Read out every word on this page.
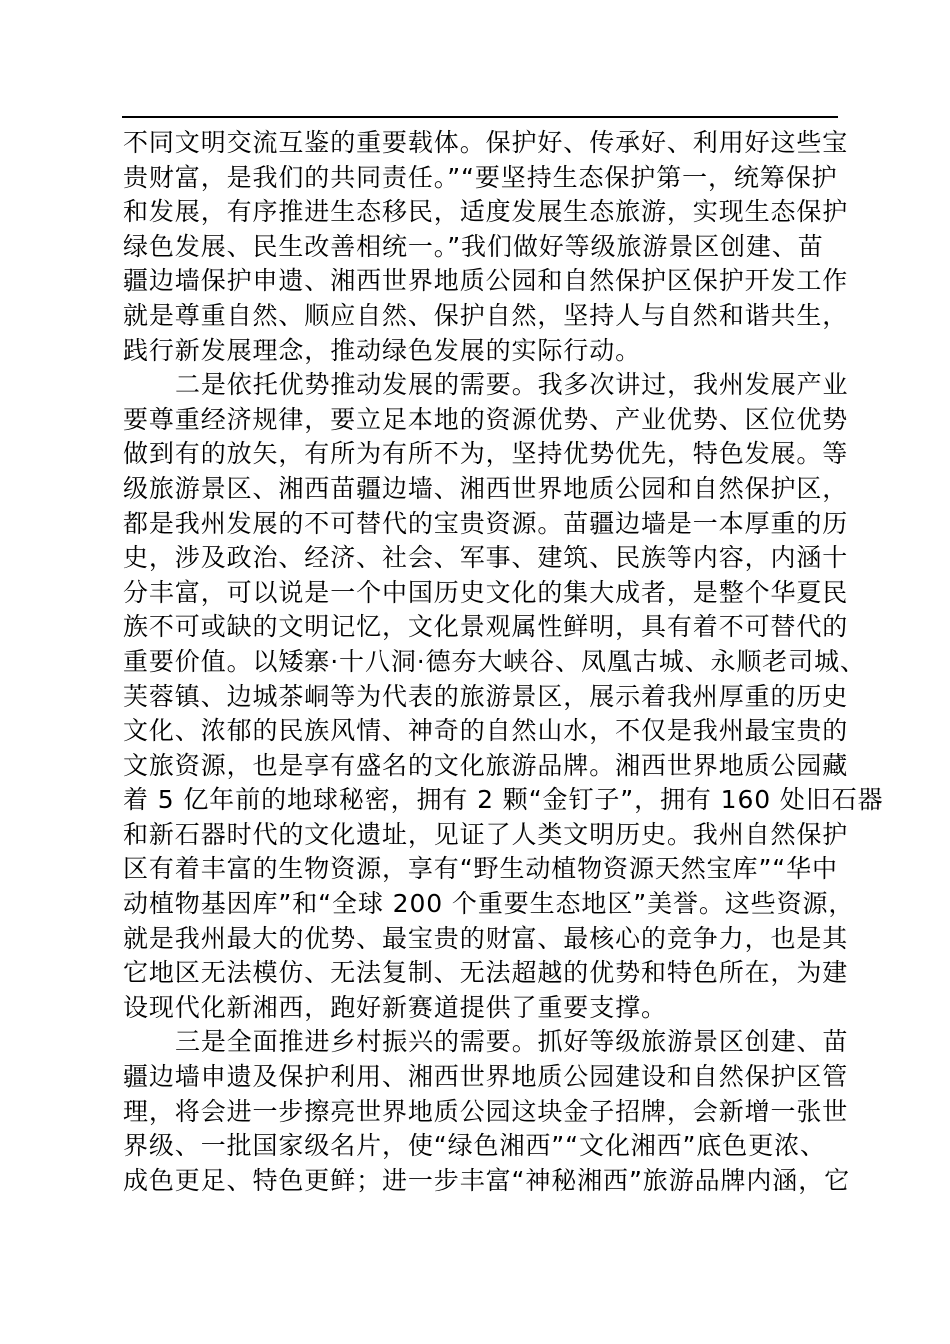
不同文明交流互鉴的重要载体。保护好、传承好、利用好这些宝
贵财富，是我们的共同责任。”“要坚持生态保护第一，统筹保护
和发展，有序推进生态移民，适度发展生态旅游，实现生态保护
绿色发展、民生改善相统一。”我们做好等级旅游景区创建、苗
疆边墙保护申遗、湘西世界地质公园和自然保护区保护开发工作
就是尊重自然、顺应自然、保护自然，坚持人与自然和谐共生，
践行新发展理念，推动绿色发展的实际行动。
二是依托优势推动发展的需要。我多次讲过，我州发展产业
要尊重经济规律，要立足本地的资源优势、产业优势、区位优势
做到有的放矢，有所为有所不为，坚持优势优先，特色发展。等
级旅游景区、湘西苗疆边墙、湘西世界地质公园和自然保护区，
都是我州发展的不可替代的宝贵资源。苗疆边墙是一本厚重的历
史，涉及政治、经济、社会、军事、建筑、民族等内容，内涵十
分丰富，可以说是一个中国历史文化的集大成者，是整个华夏民
族不可或缺的文明记忆，文化景观属性鲜明，具有着不可替代的
重要价值。以矮寨·十八洞·德夯大峡谷、凤凰古城、永顺老司城、
芙蓉镇、边城茶峒等为代表的旅游景区，展示着我州厚重的历史
文化、浓郁的民族风情、神奇的自然山水，不仅是我州最宝贵的
文旅资源，也是享有盛名的文化旅游品牌。湘西世界地质公园藏
着 5 亿年前的地球秘密，拥有 2 颗“金钉子”，拥有 160 处旧石器
和新石器时代的文化遗址，见证了人类文明历史。我州自然保护
区有着丰富的生物资源，享有“野生动植物资源天然宝库”“华中
动植物基因库”和“全球 200 个重要生态地区”美誉。这些资源，
就是我州最大的优势、最宝贵的财富、最核心的竞争力，也是其
它地区无法模仿、无法复制、无法超越的优势和特色所在，为建
设现代化新湘西，跑好新赛道提供了重要支撑。
三是全面推进乡村振兴的需要。抓好等级旅游景区创建、苗
疆边墙申遗及保护利用、湘西世界地质公园建设和自然保护区管
理，将会进一步擦亮世界地质公园这块金子招牌，会新增一张世
界级、一批国家级名片，使“绿色湘西”“文化湘西”底色更浓、
成色更足、特色更鲜；进一步丰富“神秘湘西”旅游品牌内涵，它
